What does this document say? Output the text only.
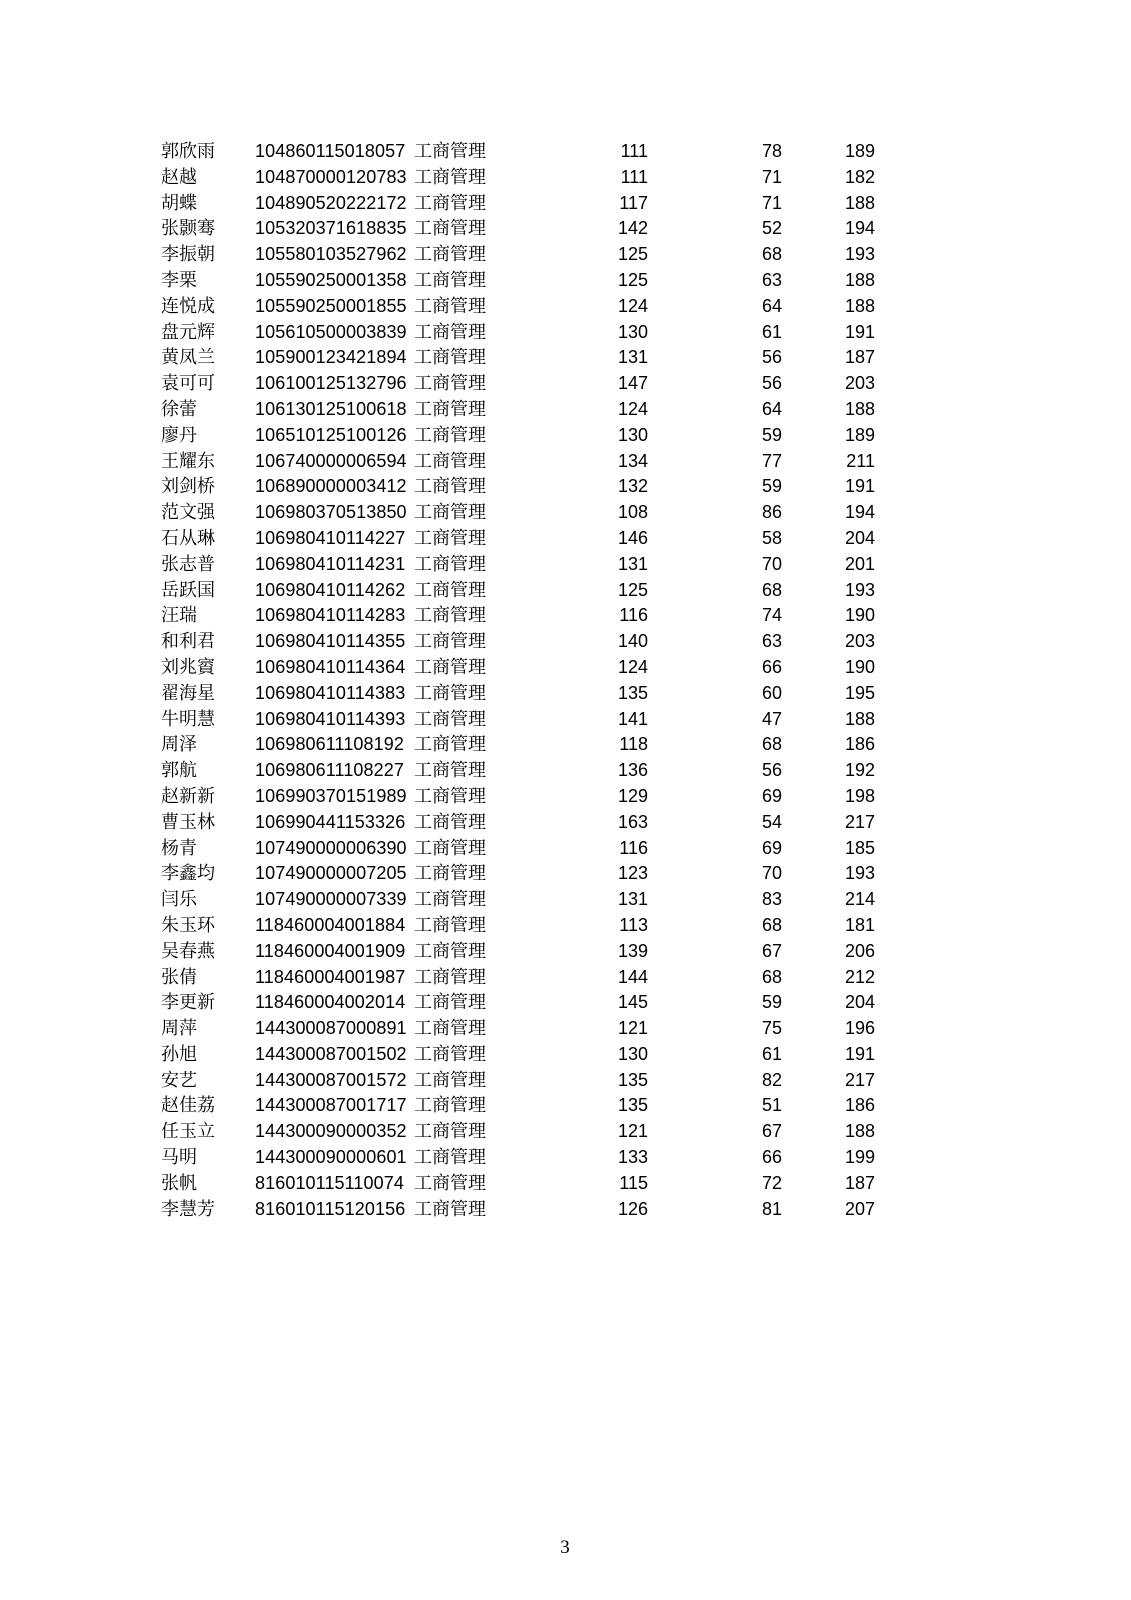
郭欣雨 104860115018057 工商管理	111	78	189
赵越	104870000120783 工商管理	111	71	182
胡蝶	104890520222172 工商管理	117	71	188
张颢骞 105320371618835 工商管理	142	52	194
李振朝 105580103527962 工商管理	125	68	193
李栗	105590250001358 工商管理	125	63	188
连悦成 105590250001855 工商管理	124	64	188
盘元辉 105610500003839 工商管理	130	61	191
黄凤兰 105900123421894 工商管理	131	56	187
袁可可 106100125132796 工商管理	147	56	203
徐蕾	106130125100618 工商管理	124	64	188
廖丹	106510125100126 工商管理	130	59	189
王耀东 106740000006594 工商管理	134	77	211
刘剑桥 106890000003412 工商管理	132	59	191
范文强 106980370513850 工商管理	108	86	194
石从琳 106980410114227 工商管理	146	58	204
张志普 106980410114231 工商管理	131	70	201
岳跃国 106980410114262 工商管理	125	68	193
汪瑞	106980410114283 工商管理	116	74	190
和利君 106980410114355 工商管理	140	63	203
刘兆賨 106980410114364 工商管理	124	66	190
翟海星 106980410114383 工商管理	135	60	195
牛明慧 106980410114393 工商管理	141	47	188
周泽	106980611108192 工商管理	118	68	186
郭航	106980611108227 工商管理	136	56	192
赵新新 106990370151989 工商管理	129	69	198
曹玉林 106990441153326 工商管理	163	54	217
杨青	107490000006390 工商管理	116	69	185
李鑫均 107490000007205 工商管理	123	70	193
闫乐	107490000007339 工商管理	131	83	214
朱玉环 118460004001884 工商管理	113	68	181
吴春燕 118460004001909 工商管理	139	67	206
张倩	118460004001987 工商管理	144	68	212
李更新 118460004002014 工商管理	145	59	204
周萍	144300087000891 工商管理	121	75	196
孙旭	144300087001502 工商管理	130	61	191
安艺	144300087001572 工商管理	135	82	217
赵佳荔 144300087001717 工商管理	135	51	186
任玉立 144300090000352 工商管理	121	67	188
马明	144300090000601 工商管理	133	66	199
张帆	816010115110074 工商管理	115	72	187
李慧芳 816010115120156 工商管理	126	81	207
3
